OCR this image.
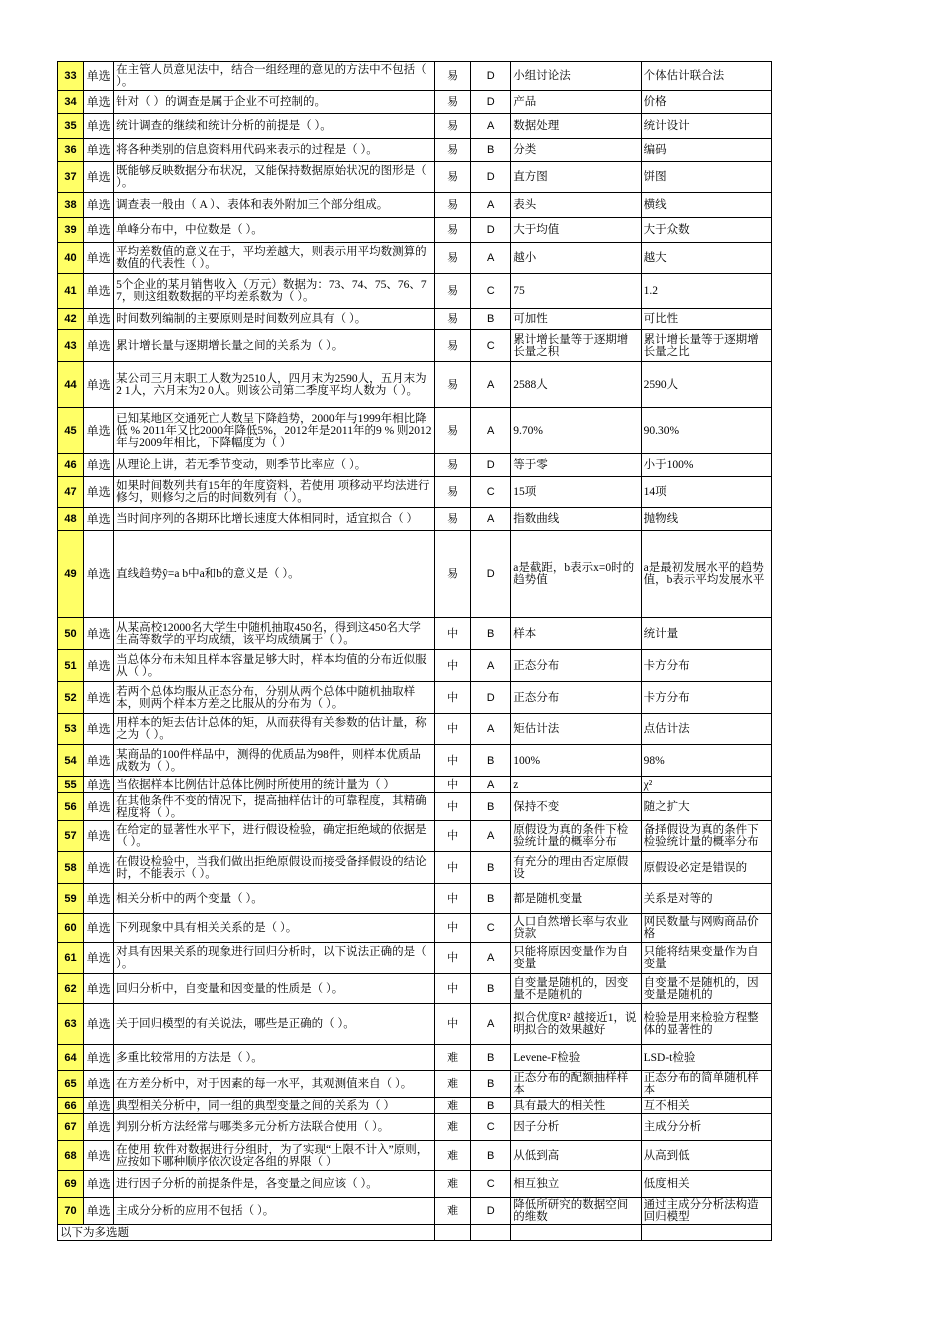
33	单选	在主管人员意见法中，结合一组经理的意见的方法中不包括（ ）。	易	D	小组讨论法	个体估计联合法
34	单选	针对（ ）的调查是属于企业不可控制的。	易	D	产品	价格
35	单选	统计调查的继续和统计分析的前提是（ ）。	易	A	数据处理	统计设计
36	单选	将各种类别的信息资料用代码来表示的过程是（ ）。	易	B	分类	编码
37	单选	既能够反映数据分布状况，又能保持数据原始状况的图形是（ ）。	易	D	直方图	饼图
38	单选	调查表一般由（ A ）、表体和表外附加三个部分组成。	易	A	表头	横线
39	单选	单峰分布中，中位数是（ ）。	易	D	大于均值	大于众数
40	单选	平均差数值的意义在于，平均差越大，则表示用平均数测算的数值的代表性（ ）。	易	A	越小	越大
41	单选	5个企业的某月销售收入（万元）数据为：73、74、75、76、77，则这组数数据的平均差系数为（ ）。	易	C	75	1.2
42	单选	时间数列编制的主要原则是时间数列应具有（ ）。	易	B	可加性	可比性
43	单选	累计增长量与逐期增长量之间的关系为（ ）。	易	C	累计增长量等于逐期增长量之积	累计增长量等于逐期增长量之比
44	单选	某公司三月末职工人数为2510人，四月末为2590人，五月末为2 1人，六月末为2 0人。则该公司第二季度平均人数为（ ）。	易	A	2588人	2590人
45	单选	已知某地区交通死亡人数呈下降趋势，2000年与1999年相比降低 % 2011年又比2000年降低5%，2012年是2011年的9 % 则2012年与2009年相比，下降幅度为（ ）	易	A	9.70%	90.30%
46	单选	从理论上讲，若无季节变动，则季节比率应（ ）。	易	D	等于零	小于100%
47	单选	如果时间数列共有15年的年度资料，若使用 项移动平均法进行修匀，则修匀之后的时间数列有（ ）。	易	C	15项	14项
48	单选	当时间序列的各期环比增长速度大体相同时，适宜拟合（ ）	易	A	指数曲线	抛物线
49	单选	直线趋势ŷ=a b中a和b的意义是（ ）。	易	D	a是截距，b表示x=0时的趋势值	a是最初发展水平的趋势值，b表示平均发展水平
50	单选	从某高校12000名大学生中随机抽取450名，得到这450名大学生高等数学的平均成绩，该平均成绩属于（ ）。	中	B	样本	统计量
51	单选	当总体分布未知且样本容量足够大时，样本均值的分布近似服从（ ）。	中	A	正态分布	卡方分布
52	单选	若两个总体均服从正态分布，分别从两个总体中随机抽取样本，则两个样本方差之比服从的分布为（ ）。	中	D	正态分布	卡方分布
53	单选	用样本的矩去估计总体的矩，从而获得有关参数的估计量，称之为（ ）。	中	A	矩估计法	点估计法
54	单选	某商品的100件样品中，测得的优质品为98件，则样本优质品成数为（ ）。	中	B	100%	98%
55	单选	当依据样本比例估计总体比例时所使用的统计量为（ ）	中	A	z	χ²
56	单选	在其他条件不变的情况下，提高抽样估计的可靠程度，其精确程度将（ ）。	中	B	保持不变	随之扩大
57	单选	在给定的显著性水平下，进行假设检验，确定拒绝域的依据是（ ）。	中	A	原假设为真的条件下检验统计量的概率分布	备择假设为真的条件下检验统计量的概率分布
58	单选	在假设检验中，当我们做出拒绝原假设而接受备择假设的结论时，不能表示（ ）。	中	B	有充分的理由否定原假设	原假设必定是错误的
59	单选	相关分析中的两个变量（ ）。	中	B	都是随机变量	关系是对等的
60	单选	下列现象中具有相关关系的是（ ）。	中	C	人口自然增长率与农业贷款	网民数量与网购商品价格
61	单选	对具有因果关系的现象进行回归分析时，以下说法正确的是（ ）。	中	A	只能将原因变量作为自变量	只能将结果变量作为自变量
62	单选	回归分析中，自变量和因变量的性质是（ ）。	中	B	自变量是随机的，因变量不是随机的	自变量不是随机的，因变量是随机的
63	单选	关于回归模型的有关说法，哪些是正确的（ ）。	中	A	拟合优度R² 越接近1，说明拟合的效果越好	检验是用来检验方程整体的显著性的
64	单选	多重比较常用的方法是（ ）。	难	B	Levene-F检验	LSD-t检验
65	单选	在方差分析中，对于因素的每一水平，其观测值来自（ ）。	难	B	正态分布的配额抽样样本	正态分布的简单随机样本
66	单选	典型相关分析中，同一组的典型变量之间的关系为（ ）	难	B	具有最大的相关性	互不相关
67	单选	判别分析方法经常与哪类多元分析方法联合使用（ ）。	难	C	因子分析	主成分分析
68	单选	在使用 软件对数据进行分组时，为了实现“上限不计入”原则，应按如下哪种顺序依次设定各组的界限（ ）	难	B	从低到高	从高到低
69	单选	进行因子分析的前提条件是，各变量之间应该（ ）。	难	C	相互独立	低度相关
70	单选	主成分分析的应用不包括（ ）。	难	D	降低所研究的数据空间的维数	通过主成分分析法构造回归模型
以下为多选题						
